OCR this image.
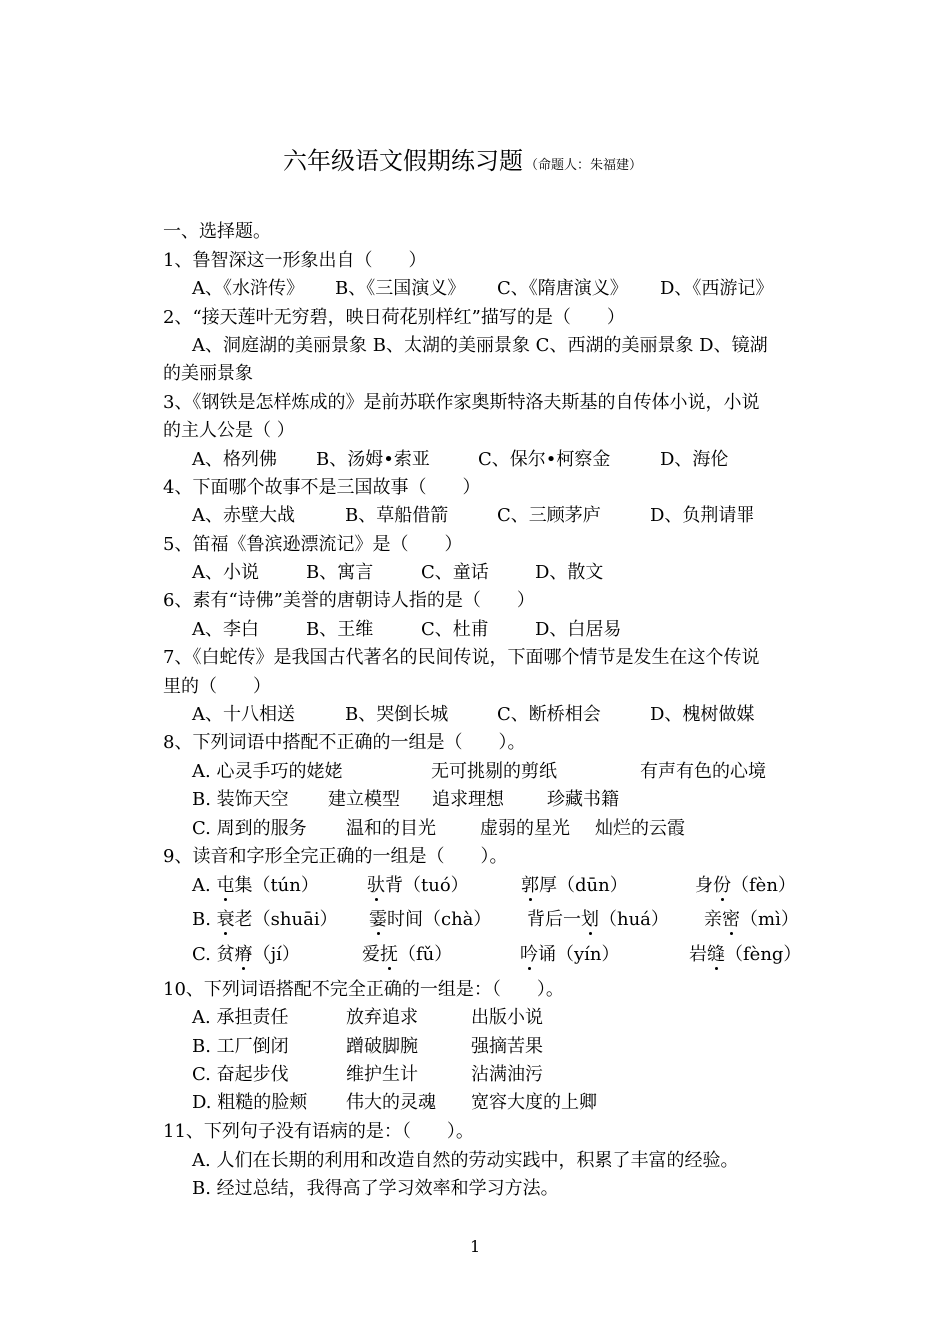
六年级语文假期练习题 （命题人：朱福建）
一、选择题。
1、鲁智深这一形象出自（　　）
A、《水浒传》 B、《三国演义》 C、《隋唐演义》 D、《西游记》
2、“接天莲叶无穷碧，映日荷花别样红”描写的是（　　）
A、洞庭湖的美丽景象 B、太湖的美丽景象 C、西湖的美丽景象 D、镜湖
的美丽景象
3、《钢铁是怎样炼成的》是前苏联作家奥斯特洛夫斯基的自传体小说，小说
的主人公是（ ）
A、格列佛 B、汤姆•索亚	C、保尔•柯察金	D、海伦
4、下面哪个故事不是三国故事（　　）
A、赤壁大战	B、草船借箭	C、三顾茅庐	D、负荆请罪
5、笛福《鲁滨逊漂流记》是（　　）
A、小说	B、寓言	C、童话	D、散文
6、素有“诗佛”美誉的唐朝诗人指的是（　　）
A、李白	B、王维	C、杜甫	D、白居易
7、《白蛇传》是我国古代著名的民间传说，下面哪个情节是发生在这个传说
里的（　　）
A、十八相送	B、哭倒长城	C、断桥相会	D、槐树做媒
8、下列词语中搭配不正确的一组是（　　）。
A. 心灵手巧的姥姥	无可挑剔的剪纸	有声有色的心境
B. 装饰天空 建立模型 追求理想 珍藏书籍
C. 周到的服务 温和的目光 虚弱的星光 灿烂的云霞
9、读音和字形全完正确的一组是（　　）。
A. 屯集（tún）	驮背（tuó）	郭厚（dūn）	身份（fèn）
B. 衰老（shuāi） 霎时间（chà） 背后一划（huá） 亲密（mì）
C. 贫瘠（jí）	爱抚（fǔ）	吟诵（yín）	岩缝（fèng）
10、下列词语搭配不完全正确的一组是：（　　）。
A. 承担责任	放弃追求	出版小说
B. 工厂倒闭	蹭破脚腕	强摘苦果
C. 奋起步伐	维护生计	沾满油污
D. 粗糙的脸颊 伟大的灵魂 宽容大度的上卿
11、下列句子没有语病的是：（　　）。
A. 人们在长期的利用和改造自然的劳动实践中，积累了丰富的经验。
B. 经过总结，我得高了学习效率和学习方法。
1
